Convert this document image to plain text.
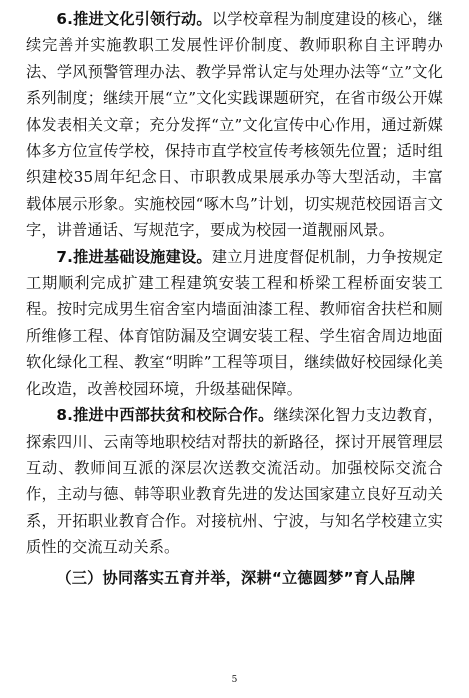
6.推进文化引领行动。以学校章程为制度建设的核心，继续完善并实施教职工发展性评价制度、教师职称自主评聘办法、学风预警管理办法、教学异常认定与处理办法等“立”文化系列制度；继续开展“立”文化实践课题研究，在省市级公开媒体发表相关文章；充分发挥“立”文化宣传中心作用，通过新媒体多方位宣传学校，保持市直学校宣传考核领先位置；适时组织建校35周年纪念日、市职教成果展承办等大型活动，丰富载体展示形象。实施校园“啄木鸟”计划，切实规范校园语言文字，讲普通话、写规范字，要成为校园一道靓丽风景。

7.推进基础设施建设。建立月进度督促机制，力争按规定工期顺利完成扩建工程建筑安装工程和桥梁工程桥面安装工程。按时完成男生宿舍室内墙面油漆工程、教师宿舍扶栏和厕所维修工程、体育馆防漏及空调安装工程、学生宿舍周边地面软化绿化工程、教室“明眸”工程等项目，继续做好校园绿化美化改造，改善校园环境，升级基础保障。

8.推进中西部扶贫和校际合作。继续深化智力支边教育，探索四川、云南等地职校结对帮扶的新路径，探讨开展管理层互动、教师间互派的深层次送教交流活动。加强校际交流合作，主动与德、韩等职业教育先进的发达国家建立良好互动关系，开拓职业教育合作。对接杭州、宁波，与知名学校建立实质性的交流互动关系。

（三）协同落实五育并举，深耕“立德圆梦”育人品牌

5
